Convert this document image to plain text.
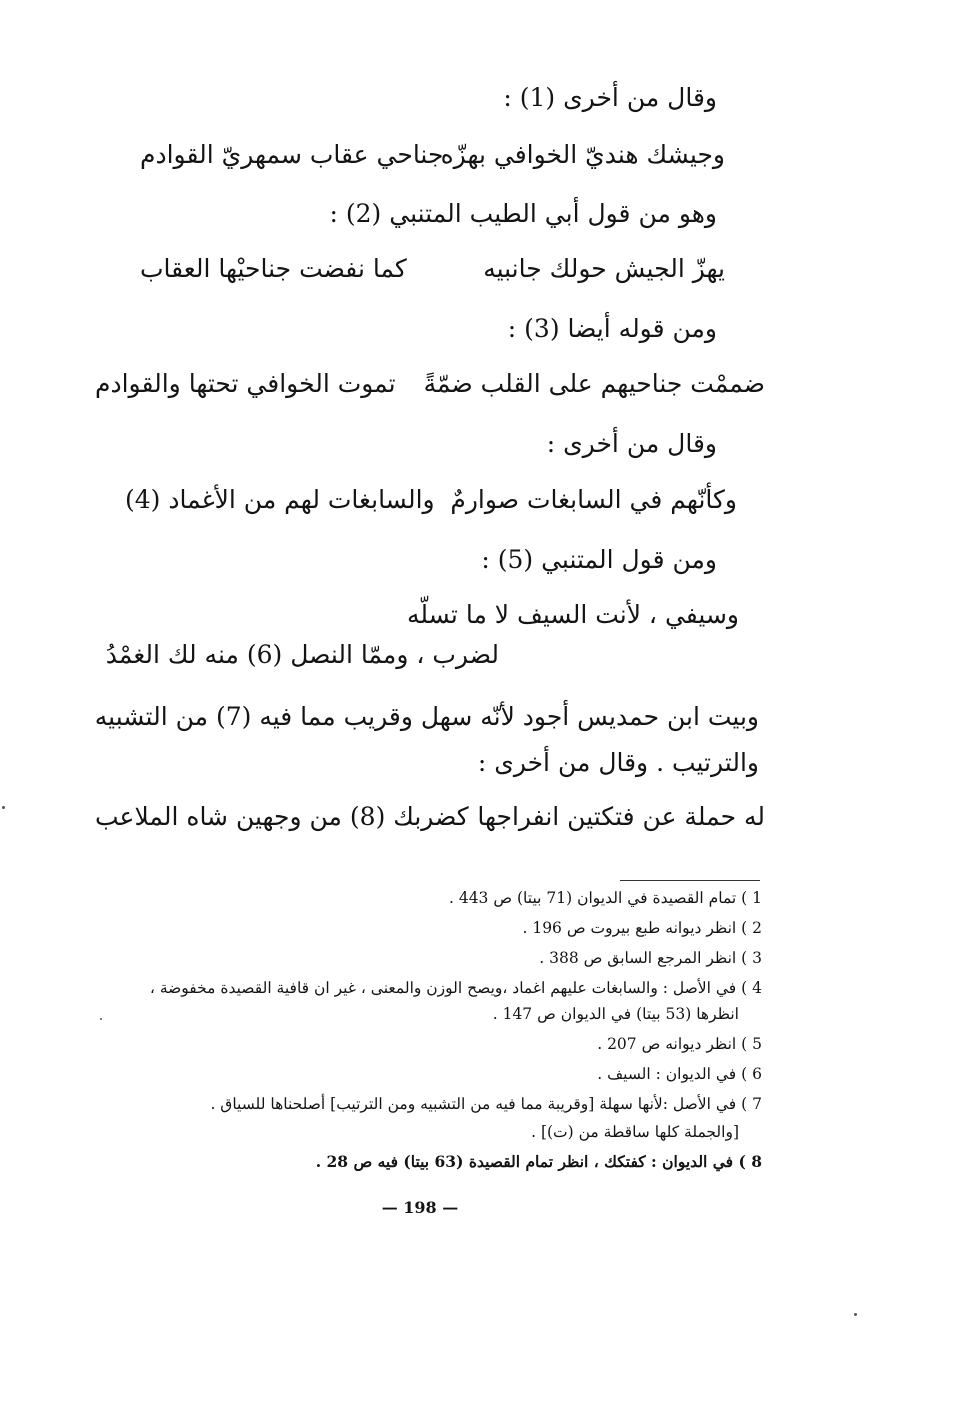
وقال من أخرى (1) :

وجيشك هنديّ الخوافي بهزّه
جناحي عقاب سمهريّ القوادم

وهو من قول أبي الطيب المتنبي (2) :

يهزّ الجيش حولك جانبيه
كما نفضت جناحيْها العقاب

ومن قوله أيضا (3) :

ضممْت جناحيهم على القلب ضمّةً
تموت الخوافي تحتها والقوادم

وقال من أخرى :

وكأنّهم في السابغات صوارمٌ
والسابغات لهم من الأغماد (4)

ومن قول المتنبي (5) :

وسيفي ، لأنت السيف لا ما تسلّه

لضرب ، وممّا النصل (6) منه لك الغمْدُ

وبيت ابن حمديس أجود لأنّه سهل وقريب مما فيه (7) من التشبيه

والترتيب . وقال من أخرى :

له حملة عن فتكتين انفراجها
كضربك (8) من وجهين شاه الملاعب

1 ) تمام القصيدة في الديوان (71 بيتا) ص 443 .

2 ) انظر ديوانه طبع بيروت ص 196 .

3 ) انظر المرجع السابق ص 388 .

4 ) في الأصل : والسابغات عليهم اغماد ،ويصح الوزن والمعنى ، غير ان قافية القصيدة مخفوضة ،

انظرها (53 بيتا) في الديوان ص 147 .

5 ) انظر ديوانه ص 207 .

6 ) في الديوان : السيف .

7 ) في الأصل :لأنها سهلة [وقريبة مما فيه من التشبيه ومن الترتيب] أصلحناها للسياق .

[والجملة كلها ساقطة من (ت)] .

8 ) في الديوان : كفتكك ، انظر تمام القصيدة (63 بيتا) فيه ص 28 .

— 198 —
